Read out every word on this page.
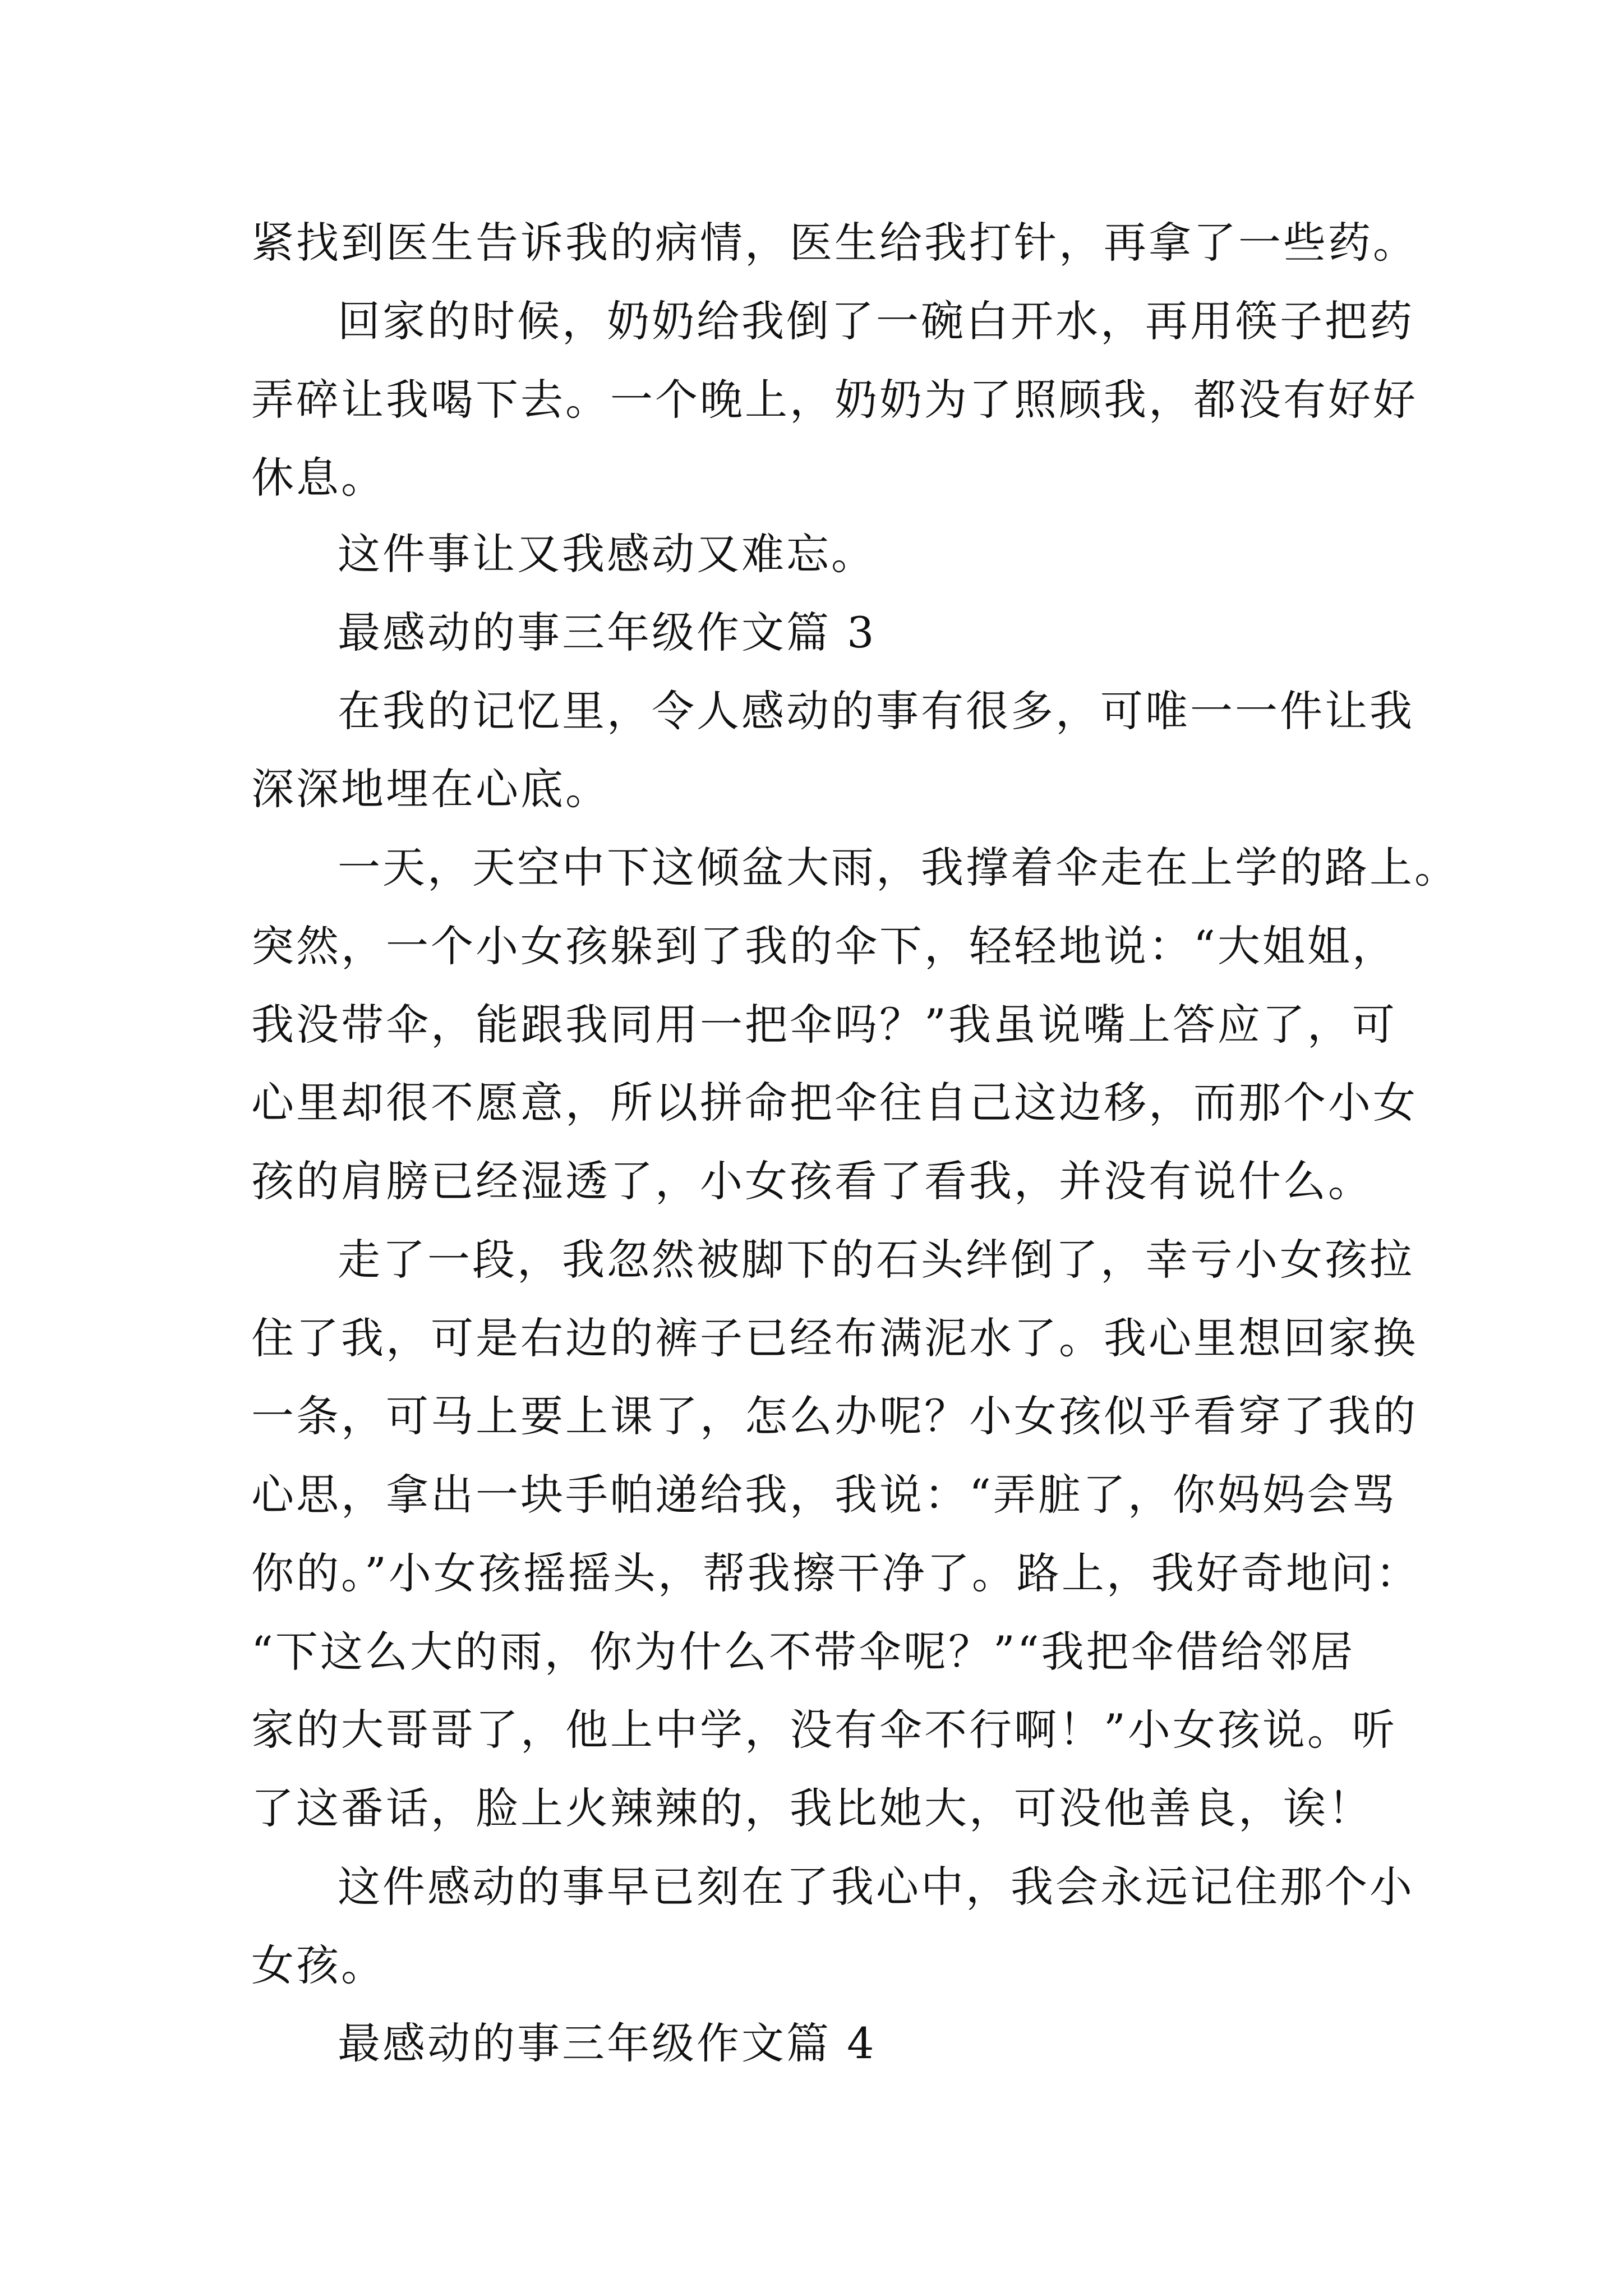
紧找到医生告诉我的病情，医生给我打针，再拿了一些药。
回家的时候，奶奶给我倒了一碗白开水，再用筷子把药
弄碎让我喝下去。一个晚上，奶奶为了照顾我，都没有好好
休息。
这件事让又我感动又难忘。
最感动的事三年级作文篇 3
在我的记忆里，令人感动的事有很多，可唯一一件让我
深深地埋在心底。
一天，天空中下这倾盆大雨，我撑着伞走在上学的路上。
突然，一个小女孩躲到了我的伞下，轻轻地说：“大姐姐，
我没带伞，能跟我同用一把伞吗？”我虽说嘴上答应了，可
心里却很不愿意，所以拼命把伞往自己这边移，而那个小女
孩的肩膀已经湿透了，小女孩看了看我，并没有说什么。
走了一段，我忽然被脚下的石头绊倒了，幸亏小女孩拉
住了我，可是右边的裤子已经布满泥水了。我心里想回家换
一条，可马上要上课了，怎么办呢？小女孩似乎看穿了我的
心思，拿出一块手帕递给我，我说：“弄脏了，你妈妈会骂
你的。”小女孩摇摇头，帮我擦干净了。路上，我好奇地问：
“下这么大的雨，你为什么不带伞呢？”“我把伞借给邻居
家的大哥哥了，他上中学，没有伞不行啊！”小女孩说。听
了这番话，脸上火辣辣的，我比她大，可没他善良，诶！
这件感动的事早已刻在了我心中，我会永远记住那个小
女孩。
最感动的事三年级作文篇 4
